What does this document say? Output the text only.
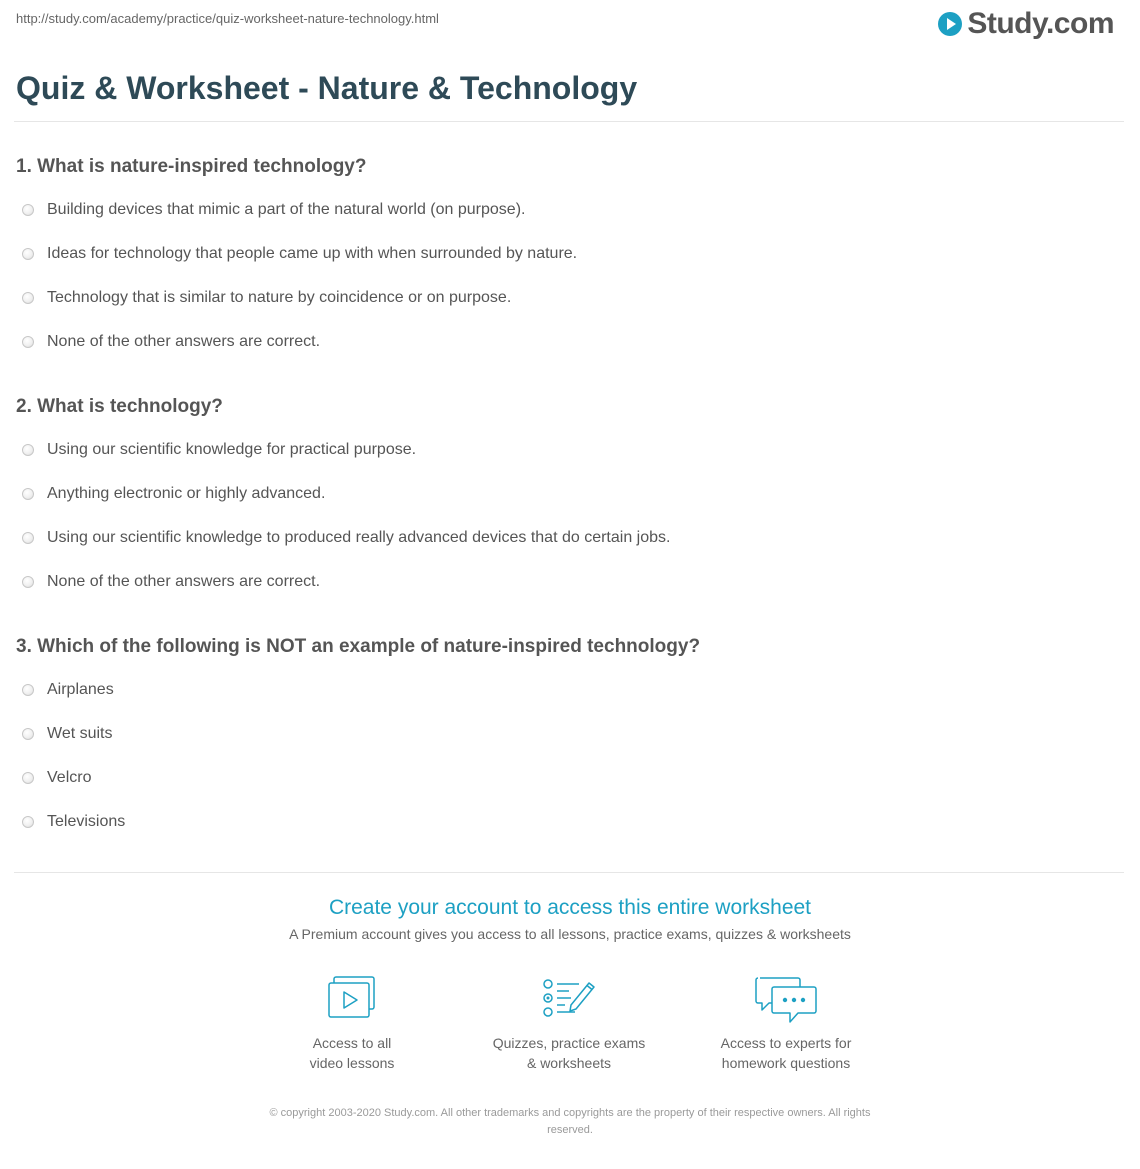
http://study.com/academy/practice/quiz-worksheet-nature-technology.html	Study.com
Quiz & Worksheet - Nature & Technology
1. What is nature-inspired technology?
Building devices that mimic a part of the natural world (on purpose).
Ideas for technology that people came up with when surrounded by nature.
Technology that is similar to nature by coincidence or on purpose.
None of the other answers are correct.
2. What is technology?
Using our scientific knowledge for practical purpose.
Anything electronic or highly advanced.
Using our scientific knowledge to produced really advanced devices that do certain jobs.
None of the other answers are correct.
3. Which of the following is NOT an example of nature-inspired technology?
Airplanes
Wet suits
Velcro
Televisions
Create your account to access this entire worksheet
A Premium account gives you access to all lessons, practice exams, quizzes & worksheets
Access to all
video lessons
Quizzes, practice exams
& worksheets
Access to experts for
homework questions
© copyright 2003-2020 Study.com. All other trademarks and copyrights are the property of their respective owners. All rights
reserved.
